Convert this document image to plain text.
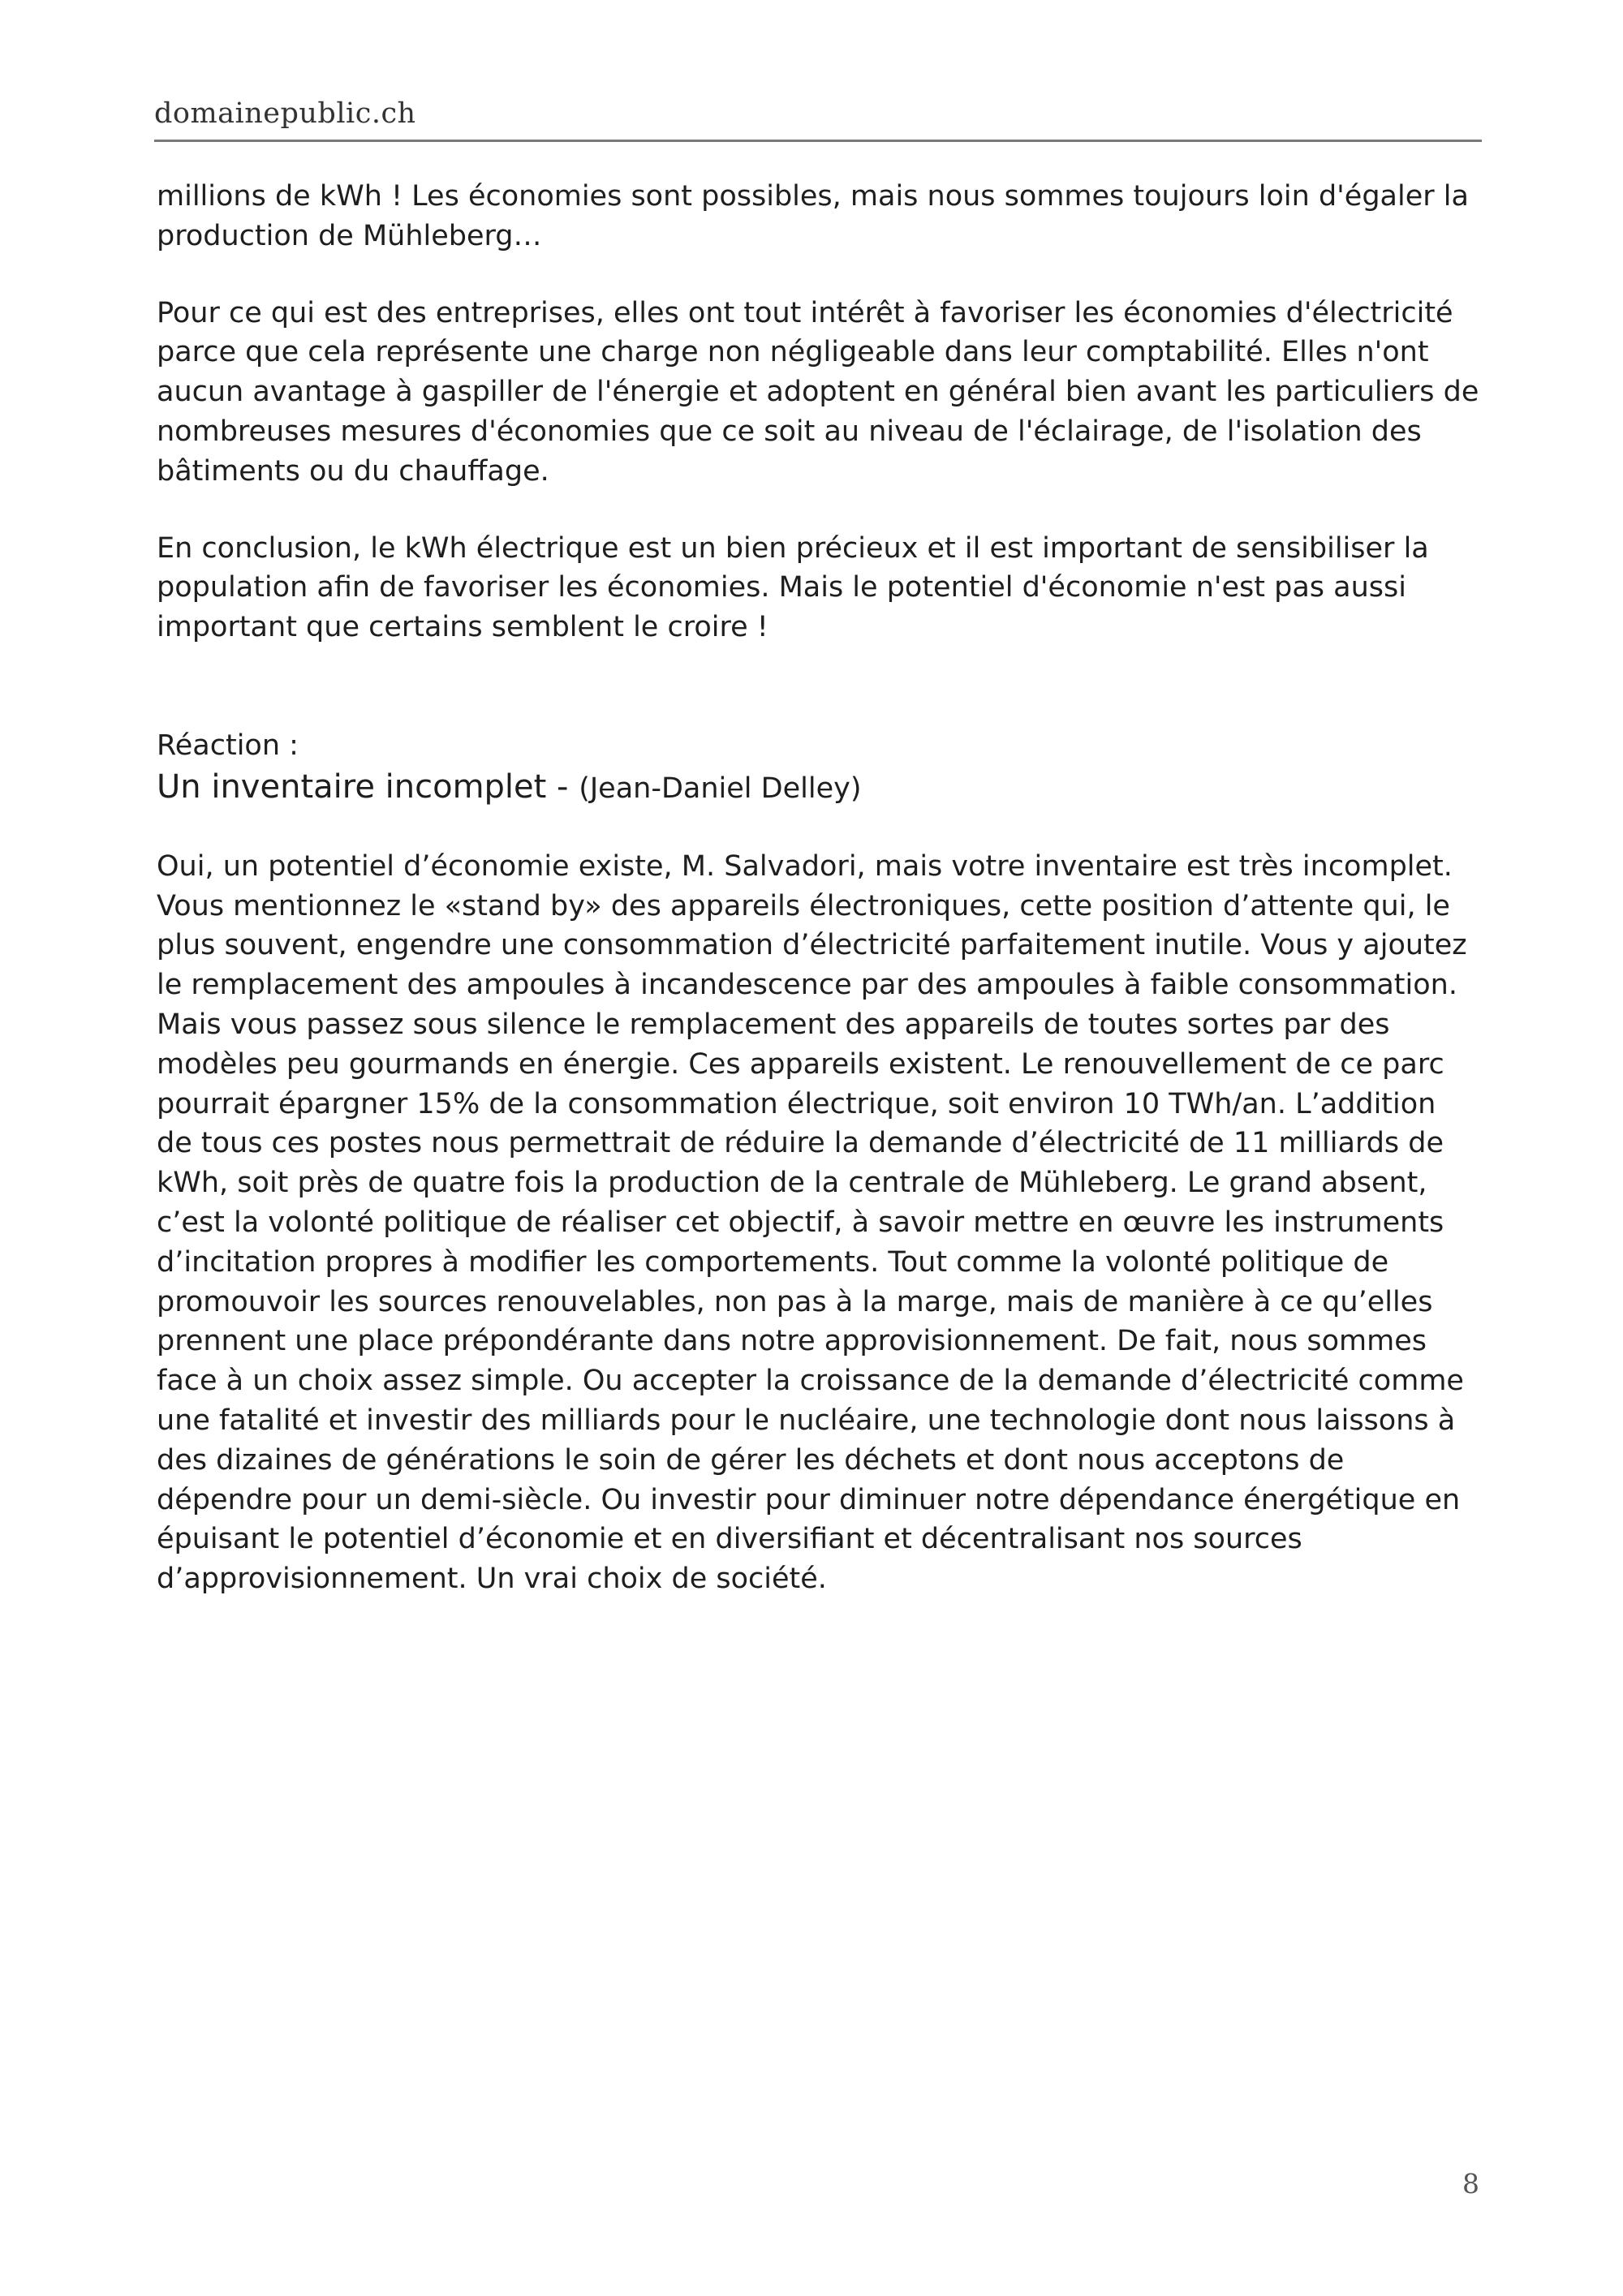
domainepublic.ch

millions de kWh ! Les économies sont possibles, mais nous sommes toujours loin d'égaler la production de Mühleberg…

Pour ce qui est des entreprises, elles ont tout intérêt à favoriser les économies d'électricité parce que cela représente une charge non négligeable dans leur comptabilité. Elles n'ont aucun avantage à gaspiller de l'énergie et adoptent en général bien avant les particuliers de nombreuses mesures d'économies que ce soit au niveau de l'éclairage, de l'isolation des bâtiments ou du chauffage.

En conclusion, le kWh électrique est un bien précieux et il est important de sensibiliser la population afin de favoriser les économies. Mais le potentiel d'économie n'est pas aussi important que certains semblent le croire !

Réaction :
Un inventaire incomplet - (Jean-Daniel Delley)

Oui, un potentiel d’économie existe, M. Salvadori, mais votre inventaire est très incomplet. Vous mentionnez le «stand by» des appareils électroniques, cette position d’attente qui, le plus souvent, engendre une consommation d’électricité parfaitement inutile. Vous y ajoutez le remplacement des ampoules à incandescence par des ampoules à faible consommation. Mais vous passez sous silence le remplacement des appareils de toutes sortes par des modèles peu gourmands en énergie. Ces appareils existent. Le renouvellement de ce parc pourrait épargner 15% de la consommation électrique, soit environ 10 TWh/an. L’addition de tous ces postes nous permettrait de réduire la demande d’électricité de 11 milliards de kWh, soit près de quatre fois la production de la centrale de Mühleberg. Le grand absent, c’est la volonté politique de réaliser cet objectif, à savoir mettre en œuvre les instruments d’incitation propres à modifier les comportements. Tout comme la volonté politique de promouvoir les sources renouvelables, non pas à la marge, mais de manière à ce qu’elles prennent une place prépondérante dans notre approvisionnement. De fait, nous sommes face à un choix assez simple. Ou accepter la croissance de la demande d’électricité comme une fatalité et investir des milliards pour le nucléaire, une technologie dont nous laissons à des dizaines de générations le soin de gérer les déchets et dont nous acceptons de dépendre pour un demi-siècle. Ou investir pour diminuer notre dépendance énergétique en épuisant le potentiel d’économie et en diversifiant et décentralisant nos sources d’approvisionnement. Un vrai choix de société.

8
